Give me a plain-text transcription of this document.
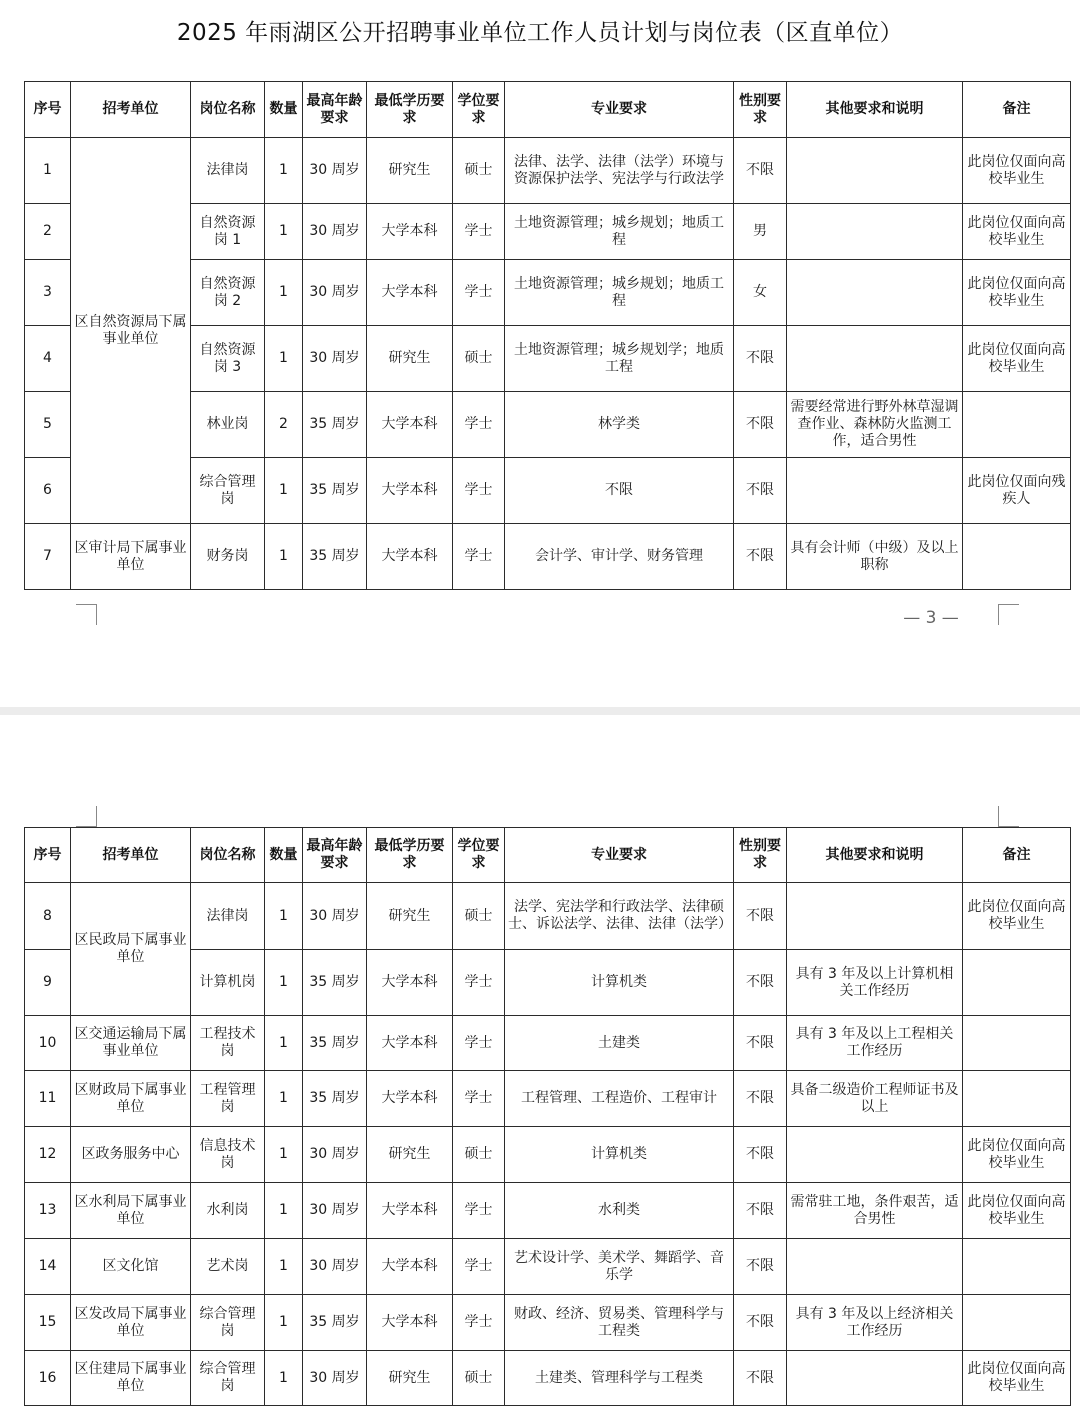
2025 年雨湖区公开招聘事业单位工作人员计划与岗位表（区直单位）
序号	招考单位	岗位名称	数量	最高年龄要求	最低学历要求	学位要求	专业要求	性别要求	其他要求和说明	备注
1	区自然资源局下属事业单位	法律岗	1	30 周岁	研究生	硕士	法律、法学、法律（法学）环境与资源保护法学、宪法学与行政法学	不限		此岗位仅面向高校毕业生
2		自然资源岗 1	1	30 周岁	大学本科	学士	土地资源管理；城乡规划；地质工程	男		此岗位仅面向高校毕业生
3		自然资源岗 2	1	30 周岁	大学本科	学士	土地资源管理；城乡规划；地质工程	女		此岗位仅面向高校毕业生
4		自然资源岗 3	1	30 周岁	研究生	硕士	土地资源管理；城乡规划学；地质工程	不限		此岗位仅面向高校毕业生
5		林业岗	2	35 周岁	大学本科	学士	林学类	不限	需要经常进行野外林草湿调查作业、森林防火监测工作，适合男性	
6		综合管理岗	1	35 周岁	大学本科	学士	不限	不限		此岗位仅面向残疾人
7	区审计局下属事业单位	财务岗	1	35 周岁	大学本科	学士	会计学、审计学、财务管理	不限	具有会计师（中级）及以上职称	
— 3 —
序号	招考单位	岗位名称	数量	最高年龄要求	最低学历要求	学位要求	专业要求	性别要求	其他要求和说明	备注
8	区民政局下属事业单位	法律岗	1	30 周岁	研究生	硕士	法学、宪法学和行政法学、法律硕士、诉讼法学、法律、法律（法学）	不限		此岗位仅面向高校毕业生
9		计算机岗	1	35 周岁	大学本科	学士	计算机类	不限	具有 3 年及以上计算机相关工作经历	
10	区交通运输局下属事业单位	工程技术岗	1	35 周岁	大学本科	学士	土建类	不限	具有 3 年及以上工程相关工作经历	
11	区财政局下属事业单位	工程管理岗	1	35 周岁	大学本科	学士	工程管理、工程造价、工程审计	不限	具备二级造价工程师证书及以上	
12	区政务服务中心	信息技术岗	1	30 周岁	研究生	硕士	计算机类	不限		此岗位仅面向高校毕业生
13	区水利局下属事业单位	水利岗	1	30 周岁	大学本科	学士	水利类	不限	需常驻工地，条件艰苦，适合男性	此岗位仅面向高校毕业生
14	区文化馆	艺术岗	1	30 周岁	大学本科	学士	艺术设计学、美术学、舞蹈学、音乐学	不限		
15	区发改局下属事业单位	综合管理岗	1	35 周岁	大学本科	学士	财政、经济、贸易类、管理科学与工程类	不限	具有 3 年及以上经济相关工作经历	
16	区住建局下属事业单位	综合管理岗	1	30 周岁	研究生	硕士	土建类、管理科学与工程类	不限		此岗位仅面向高校毕业生
